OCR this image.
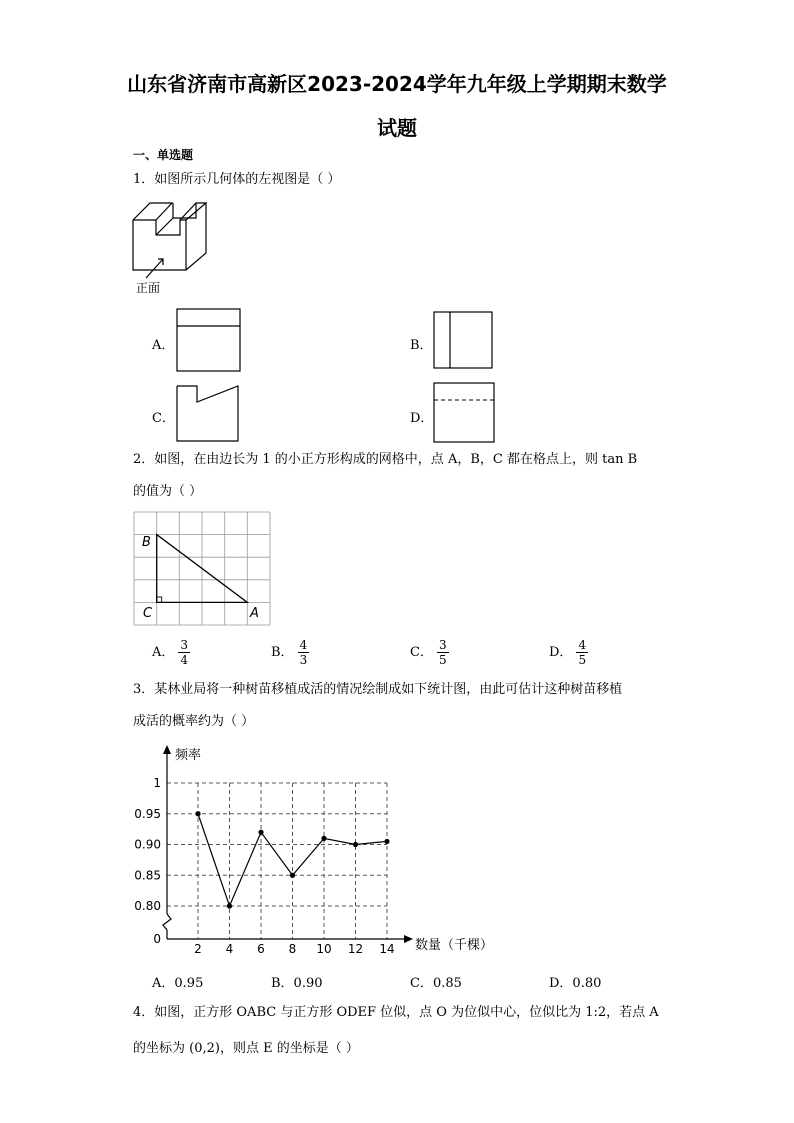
山东省济南市高新区2023-2024学年九年级上学期期末数学
试题
一、单选题
1．如图所示几何体的左视图是（ ）
正面
A．	B．
C．	D．
2．如图，在由边长为 1 的小正方形构成的网格中，点 A，B，C 都在格点上，则 tan B
的值为（ ）
B
C	A
A． $\frac{3}{4}$	B． $\frac{4}{3}$	C． $\frac{3}{5}$	D． $\frac{4}{5}$
3．某林业局将一种树苗移植成活的情况绘制成如下统计图，由此可估计这种树苗移植
成活的概率约为（ ）
0
0.80
0.85
0.90
0.95
1
2 4 6 8 10 12 14
频率
数量（千棵）
A．0.95	B．0.90	C．0.85	D．0.80
4．如图，正方形 OABC 与正方形 ODEF 位似，点 O 为位似中心，位似比为 1:2，若点 A
的坐标为 (0,2)，则点 E 的坐标是（ ）
